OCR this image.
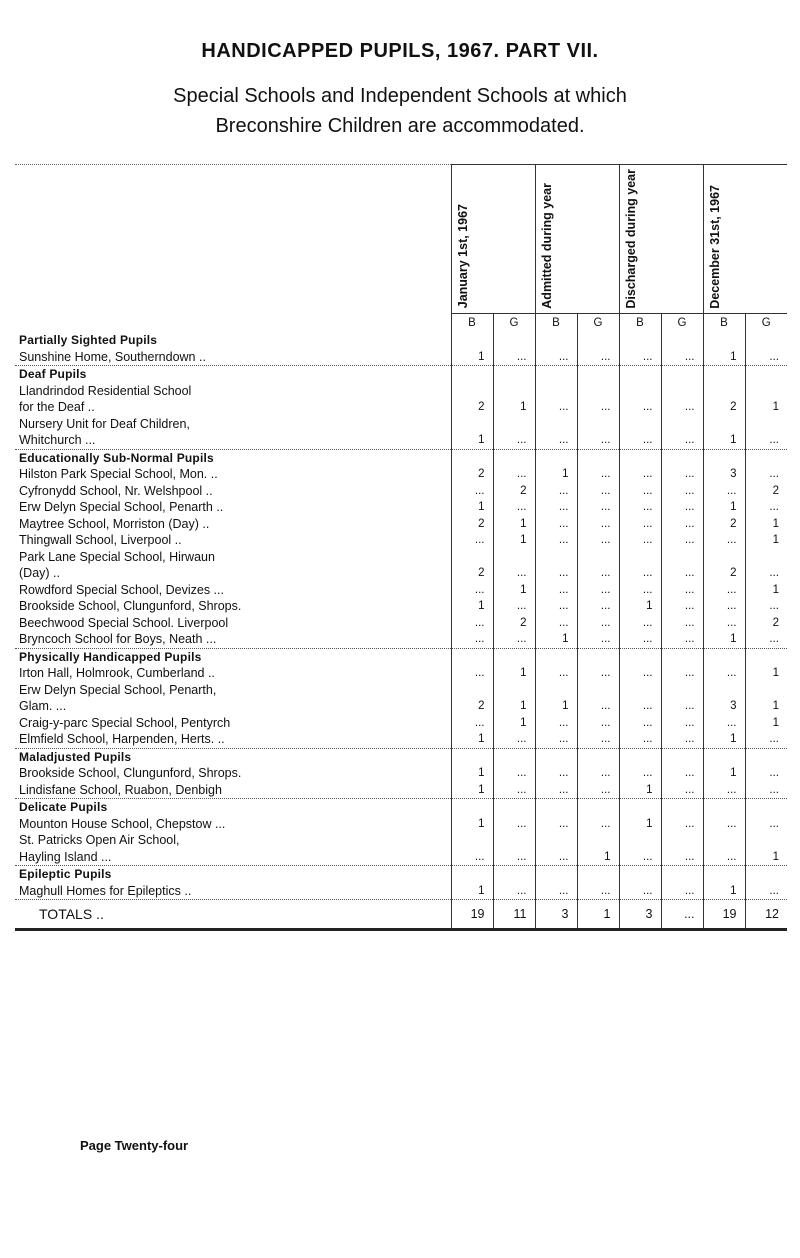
HANDICAPPED PUPILS, 1967. PART VII.
Special Schools and Independent Schools at which
Breconshire Children are accommodated.
	January 1st, 1967		Admitted during year		Discharged during year		December 31st, 1967	
	B	G	B	G	B	G	B	G
Partially Sighted Pupils								
Sunshine Home, Southerndown ..	1	...	...	...	...	...	1	...
Deaf Pupils								
Llandrindod Residential School								
for the Deaf ..	2	1	...	...	...	...	2	1
Nursery Unit for Deaf Children,								
Whitchurch ...	1	...	...	...	...	...	1	...
Educationally Sub-Normal Pupils								
Hilston Park Special School, Mon. ..	2	...	1	...	...	...	3	...
Cyfronydd School, Nr. Welshpool ..	...	2	...	...	...	...	...	2
Erw Delyn Special School, Penarth ..	1	...	...	...	...	...	1	...
Maytree School, Morriston (Day) ..	2	1	...	...	...	...	2	1
Thingwall School, Liverpool ..	...	1	...	...	...	...	...	1
Park Lane Special School, Hirwaun								
(Day) ..	2	...	...	...	...	...	2	...
Rowdford Special School, Devizes ...	...	1	...	...	...	...	...	1
Brookside School, Clungunford, Shrops.	1	...	...	...	1	...	...	...
Beechwood Special School. Liverpool	...	2	...	...	...	...	...	2
Bryncoch School for Boys, Neath ...	...	...	1	...	...	...	1	...
Physically Handicapped Pupils								
Irton Hall, Holmrook, Cumberland ..	...	1	...	...	...	...	...	1
Erw Delyn Special School, Penarth,								
Glam. ...	2	1	1	...	...	...	3	1
Craig-y-parc Special School, Pentyrch	...	1	...	...	...	...	...	1
Elmfield School, Harpenden, Herts. ..	1	...	...	...	...	...	1	...
Maladjusted Pupils								
Brookside School, Clungunford, Shrops.	1	...	...	...	...	...	1	...
Lindisfane School, Ruabon, Denbigh	1	...	...	...	1	...	...	...
Delicate Pupils								
Mounton House School, Chepstow ...	1	...	...	...	1	...	...	...
St. Patricks Open Air School,								
Hayling Island ...	...	...	...	1	...	...	...	1
Epileptic Pupils								
Maghull Homes for Epileptics ..	1	...	...	...	...	...	1	...
TOTALS ..	19	11	3	1	3	...	19	12

Page Twenty-four
